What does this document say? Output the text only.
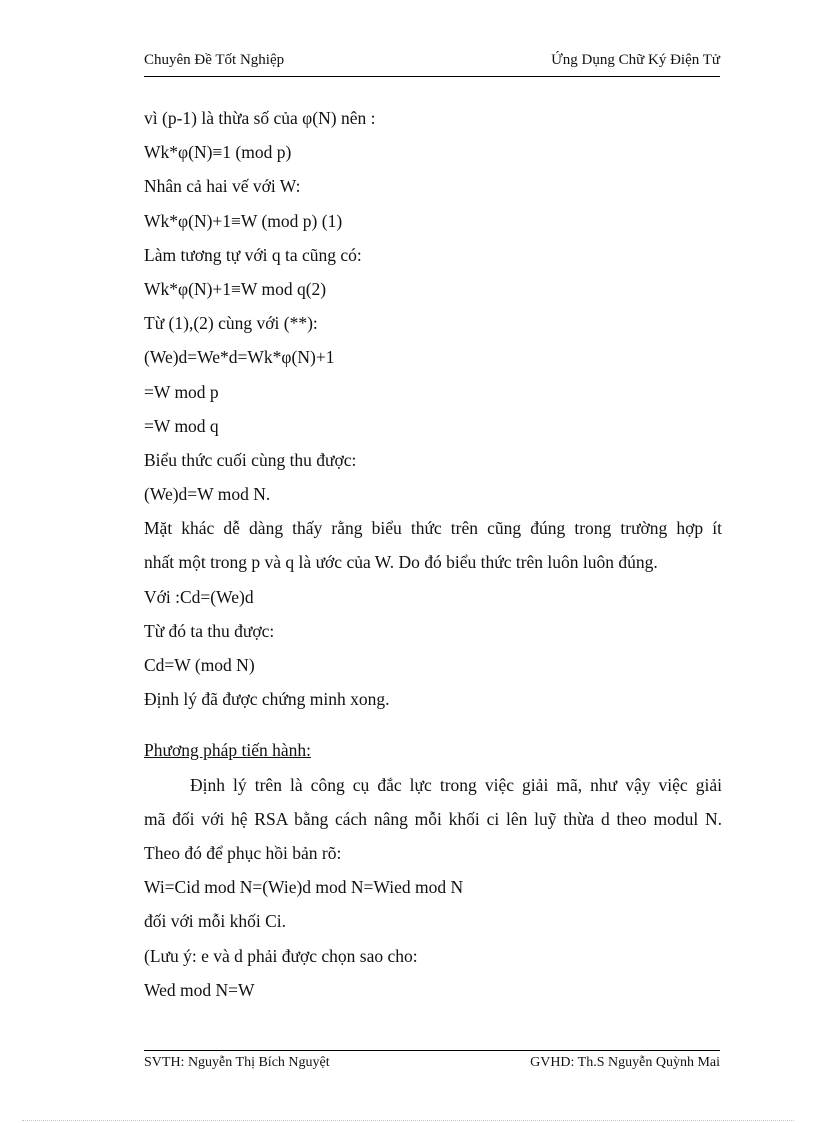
Chuyên Đề Tốt Nghiệp	Ứng Dụng Chữ Ký Điện Tử
vì (p-1) là thừa số của φ(N) nên :
Wk*φ(N)≡1 (mod p)
Nhân cả hai vế với W:
Wk*φ(N)+1≡W (mod p) (1)
Làm tương tự với q ta cũng có:
Wk*φ(N)+1≡W mod q(2)
Từ (1),(2) cùng với (**):
(We)d=We*d=Wk*φ(N)+1
=W mod p
=W mod q
Biểu thức cuối cùng thu được:
(We)d=W mod N.
Mặt khác dễ dàng thấy rằng biểu thức trên cũng đúng trong trường hợp ít
nhất một trong p và q là ước của W. Do đó biểu thức trên luôn luôn đúng.
Với :Cd=(We)d
Từ đó ta thu được:
Cd=W (mod N)
Định lý đã được chứng minh xong.
Phương pháp tiến hành:
Định lý trên là công cụ đắc lực trong việc giải mã, như vậy việc giải
mã đối với hệ RSA bằng cách nâng mỗi khối ci lên luỹ thừa d theo modul N.
Theo đó để phục hồi bản rõ:
Wi=Cid mod N=(Wie)d mod N=Wied mod N
đối với mỗi khối Ci.
(Lưu ý: e và d phải được chọn sao cho:
Wed mod N=W
SVTH: Nguyễn Thị Bích Nguyệt	GVHD: Th.S Nguyễn Quỳnh Mai
